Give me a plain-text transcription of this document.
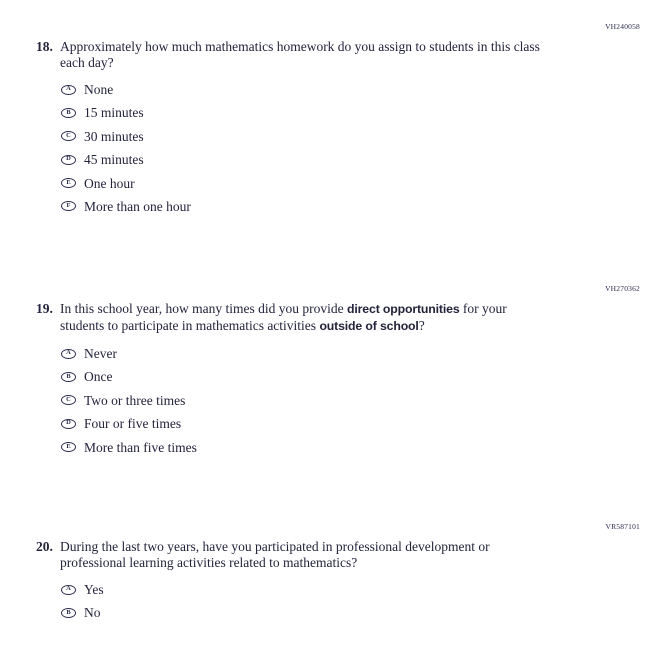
VH240058
18. Approximately how much mathematics homework do you assign to students in this class each day?
A None
B 15 minutes
C 30 minutes
D 45 minutes
E One hour
F More than one hour
VH270362
19. In this school year, how many times did you provide direct opportunities for your students to participate in mathematics activities outside of school?
A Never
B Once
C Two or three times
D Four or five times
E More than five times
VR587101
20. During the last two years, have you participated in professional development or professional learning activities related to mathematics?
A Yes
B No
